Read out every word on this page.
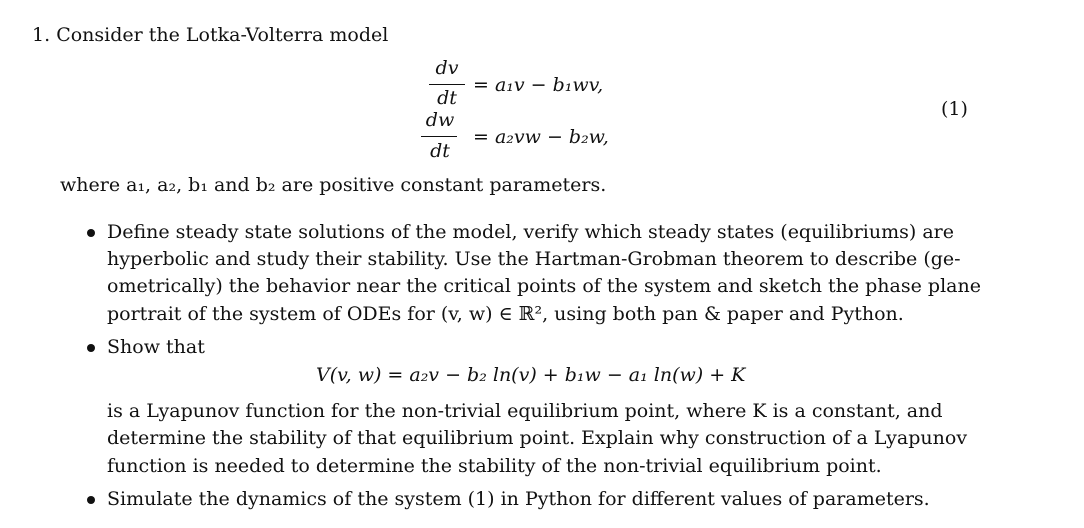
1. Consider the Lotka-Volterra model
dv
dt
= a₁v − b₁wv,
dw
dt
= a₂vw − b₂w,
(1)
where a₁, a₂, b₁ and b₂ are positive constant parameters.
Define steady state solutions of the model, verify which steady states (equilibriums) are
hyperbolic and study their stability. Use the Hartman-Grobman theorem to describe (ge-
ometrically) the behavior near the critical points of the system and sketch the phase plane
portrait of the system of ODEs for (v, w) ∈ ℝ², using both pan & paper and Python.
Show that
V(v, w) = a₂v − b₂ ln(v) + b₁w − a₁ ln(w) + K
is a Lyapunov function for the non-trivial equilibrium point, where K is a constant, and
determine the stability of that equilibrium point. Explain why construction of a Lyapunov
function is needed to determine the stability of the non-trivial equilibrium point.
Simulate the dynamics of the system (1) in Python for different values of parameters.
